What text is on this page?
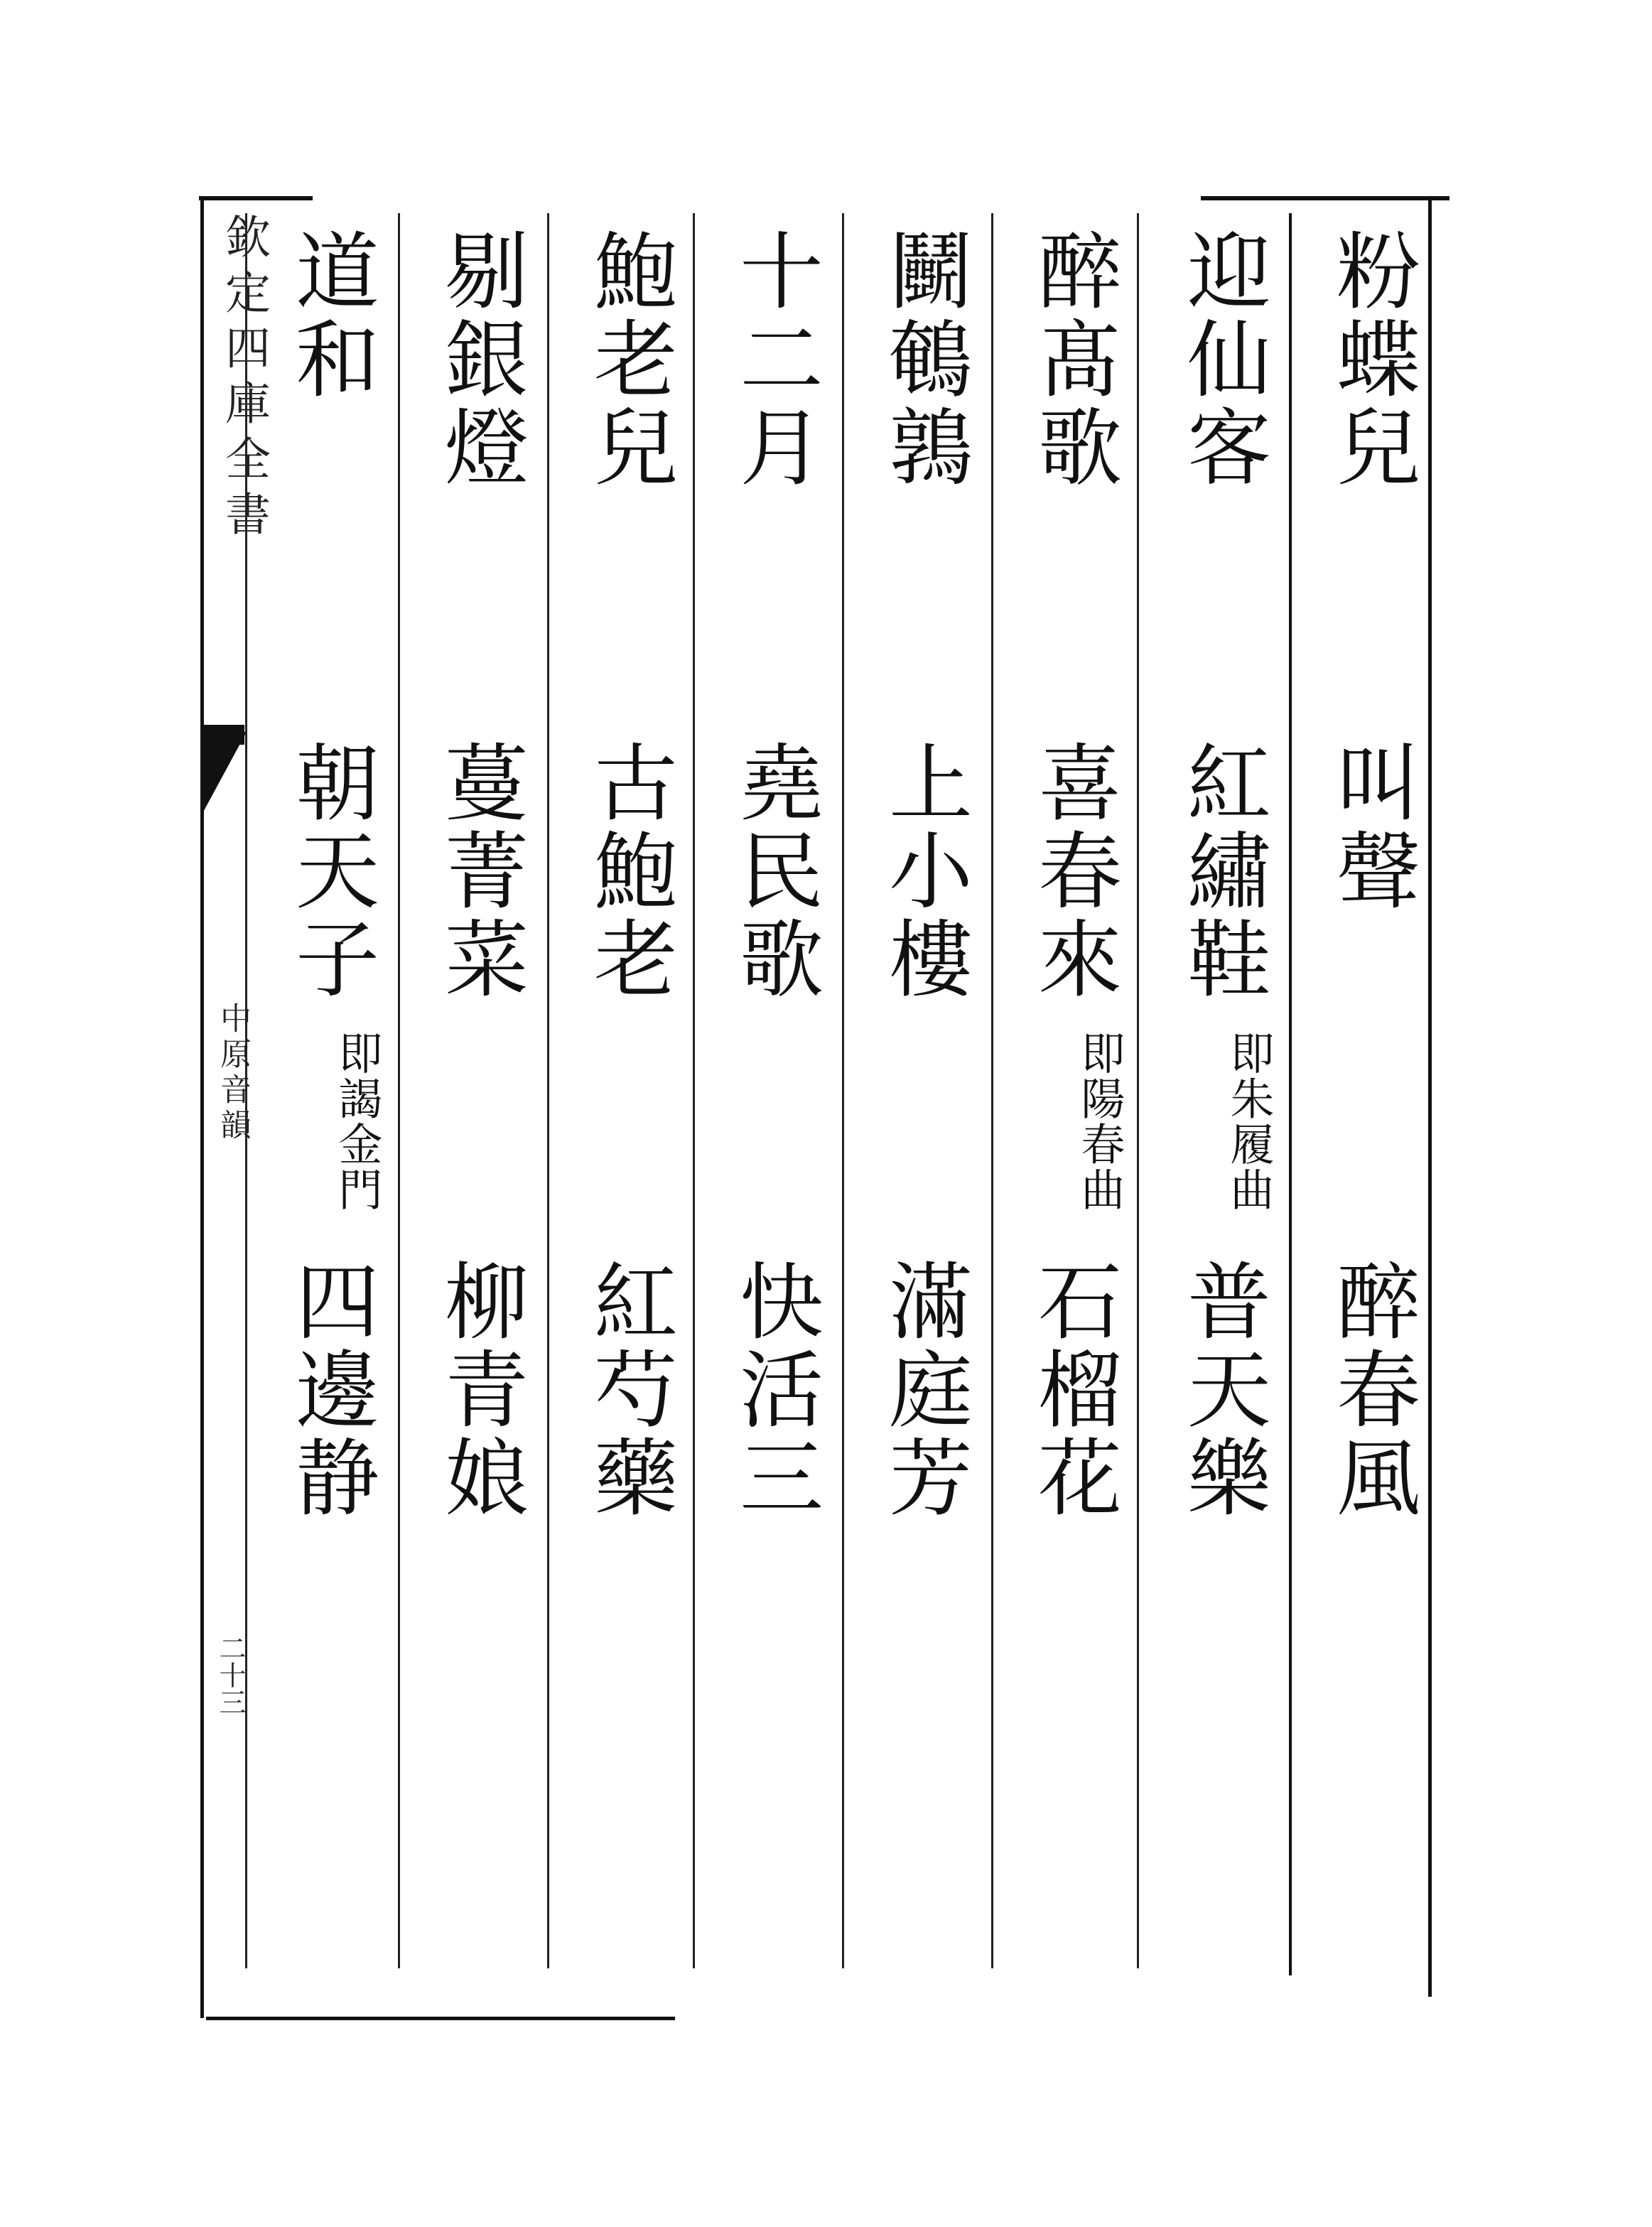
欽定四庫全書
中原音韻
二十三
粉蝶兒
叫聲
醉春風
迎仙客
紅繡鞋
即朱履曲
普天樂
醉髙歌
喜春來
即陽春曲
石榴花
鬭鵪鶉
上小樓
滿庭芳
十二月
堯民歌
快活三
鮑老兒
古鮑老
紅芍藥
剔銀燈
蔓菁菜
柳青娘
道和
朝天子
即謁金門
四邊静
